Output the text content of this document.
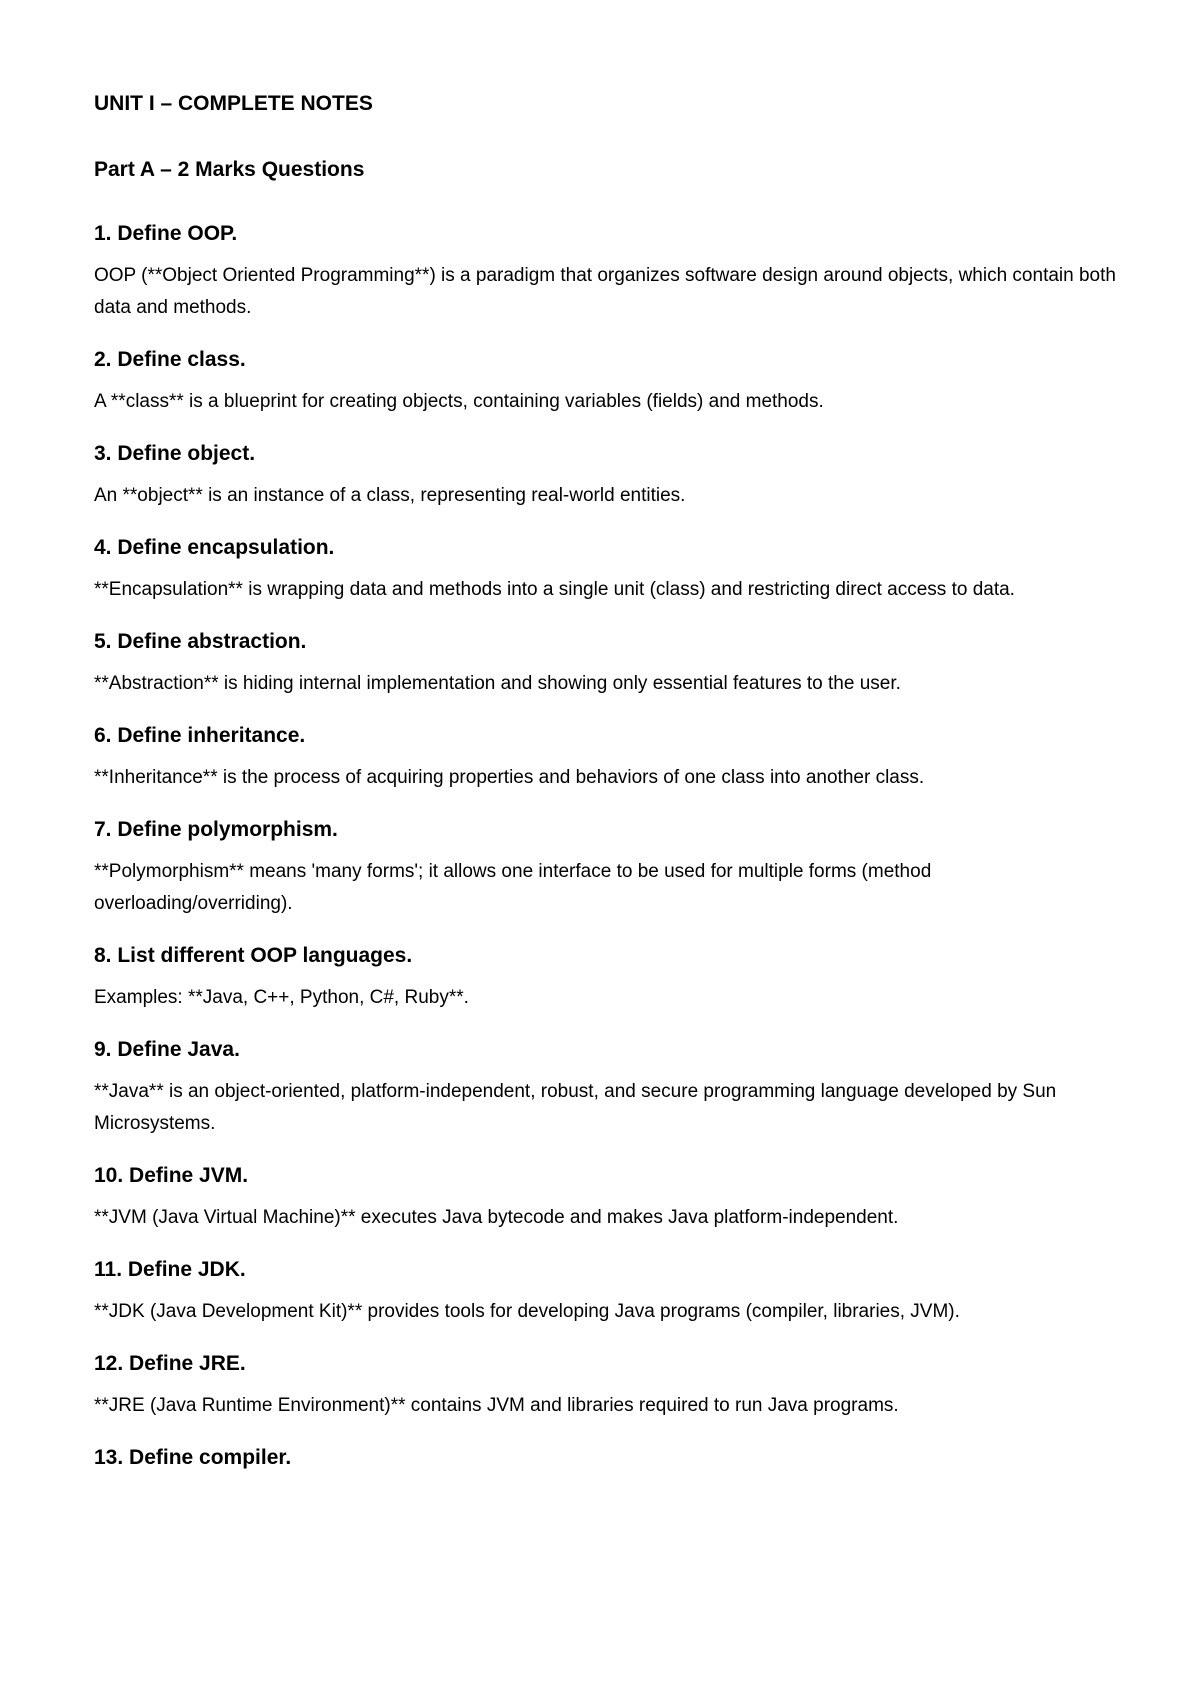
UNIT I – COMPLETE NOTES
Part A – 2 Marks Questions
1. Define OOP.
OOP (**Object Oriented Programming**) is a paradigm that organizes software design around objects, which contain both data and methods.
2. Define class.
A **class** is a blueprint for creating objects, containing variables (fields) and methods.
3. Define object.
An **object** is an instance of a class, representing real-world entities.
4. Define encapsulation.
**Encapsulation** is wrapping data and methods into a single unit (class) and restricting direct access to data.
5. Define abstraction.
**Abstraction** is hiding internal implementation and showing only essential features to the user.
6. Define inheritance.
**Inheritance** is the process of acquiring properties and behaviors of one class into another class.
7. Define polymorphism.
**Polymorphism** means 'many forms'; it allows one interface to be used for multiple forms (method overloading/overriding).
8. List different OOP languages.
Examples: **Java, C++, Python, C#, Ruby**.
9. Define Java.
**Java** is an object-oriented, platform-independent, robust, and secure programming language developed by Sun Microsystems.
10. Define JVM.
**JVM (Java Virtual Machine)** executes Java bytecode and makes Java platform-independent.
11. Define JDK.
**JDK (Java Development Kit)** provides tools for developing Java programs (compiler, libraries, JVM).
12. Define JRE.
**JRE (Java Runtime Environment)** contains JVM and libraries required to run Java programs.
13. Define compiler.
